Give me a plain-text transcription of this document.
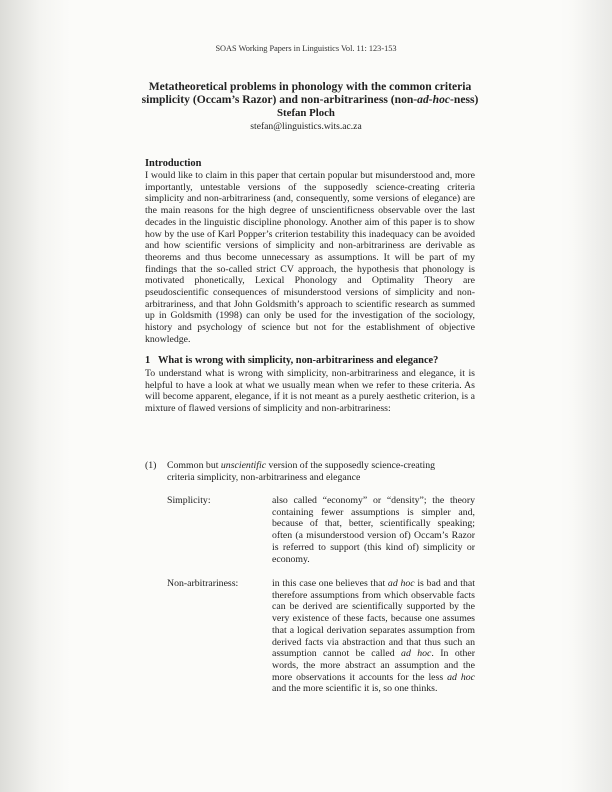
SOAS Working Papers in Linguistics Vol. 11: 123-153
Metatheoretical problems in phonology with the common criteria
simplicity (Occam’s Razor) and non-arbitrariness (non-ad-hoc-ness)
Stefan Ploch
stefan@linguistics.wits.ac.za
Introduction
I would like to claim in this paper that certain popular but misunderstood and, more importantly, untestable versions of the supposedly science-creating criteria simplicity and non-arbitrariness (and, consequently, some versions of elegance) are the main reasons for the high degree of unscientificness observable over the last decades in the linguistic discipline phonology. Another aim of this paper is to show how by the use of Karl Popper’s criterion testability this inadequacy can be avoided and how scientific versions of simplicity and non-arbitrariness are derivable as theorems and thus become unnecessary as assumptions. It will be part of my findings that the so-called strict CV approach, the hypothesis that phonology is motivated phonetically, Lexical Phonology and Optimality Theory are pseudoscientific consequences of misunderstood versions of simplicity and non-arbitrariness, and that John Goldsmith’s approach to scientific research as summed up in Goldsmith (1998) can only be used for the investigation of the sociology, history and psychology of science but not for the establishment of objective knowledge.
1 What is wrong with simplicity, non-arbitrariness and elegance?
To understand what is wrong with simplicity, non-arbitrariness and elegance, it is helpful to have a look at what we usually mean when we refer to these criteria. As will become apparent, elegance, if it is not meant as a purely aesthetic criterion, is a mixture of flawed versions of simplicity and non-arbitrariness:
(1) Common but unscientific version of the supposedly science-creating criteria simplicity, non-arbitrariness and elegance
Simplicity:	also called “economy” or “density”; the theory containing fewer assumptions is simpler and, because of that, better, scientifically speaking; often (a misunderstood version of) Occam’s Razor is referred to support (this kind of) simplicity or economy.
Non-arbitrariness:	in this case one believes that ad hoc is bad and that therefore assumptions from which observable facts can be derived are scientifically supported by the very existence of these facts, because one assumes that a logical derivation separates assumption from derived facts via abstraction and that thus such an assumption cannot be called ad hoc. In other words, the more abstract an assumption and the more observations it accounts for the less ad hoc and the more scientific it is, so one thinks.
